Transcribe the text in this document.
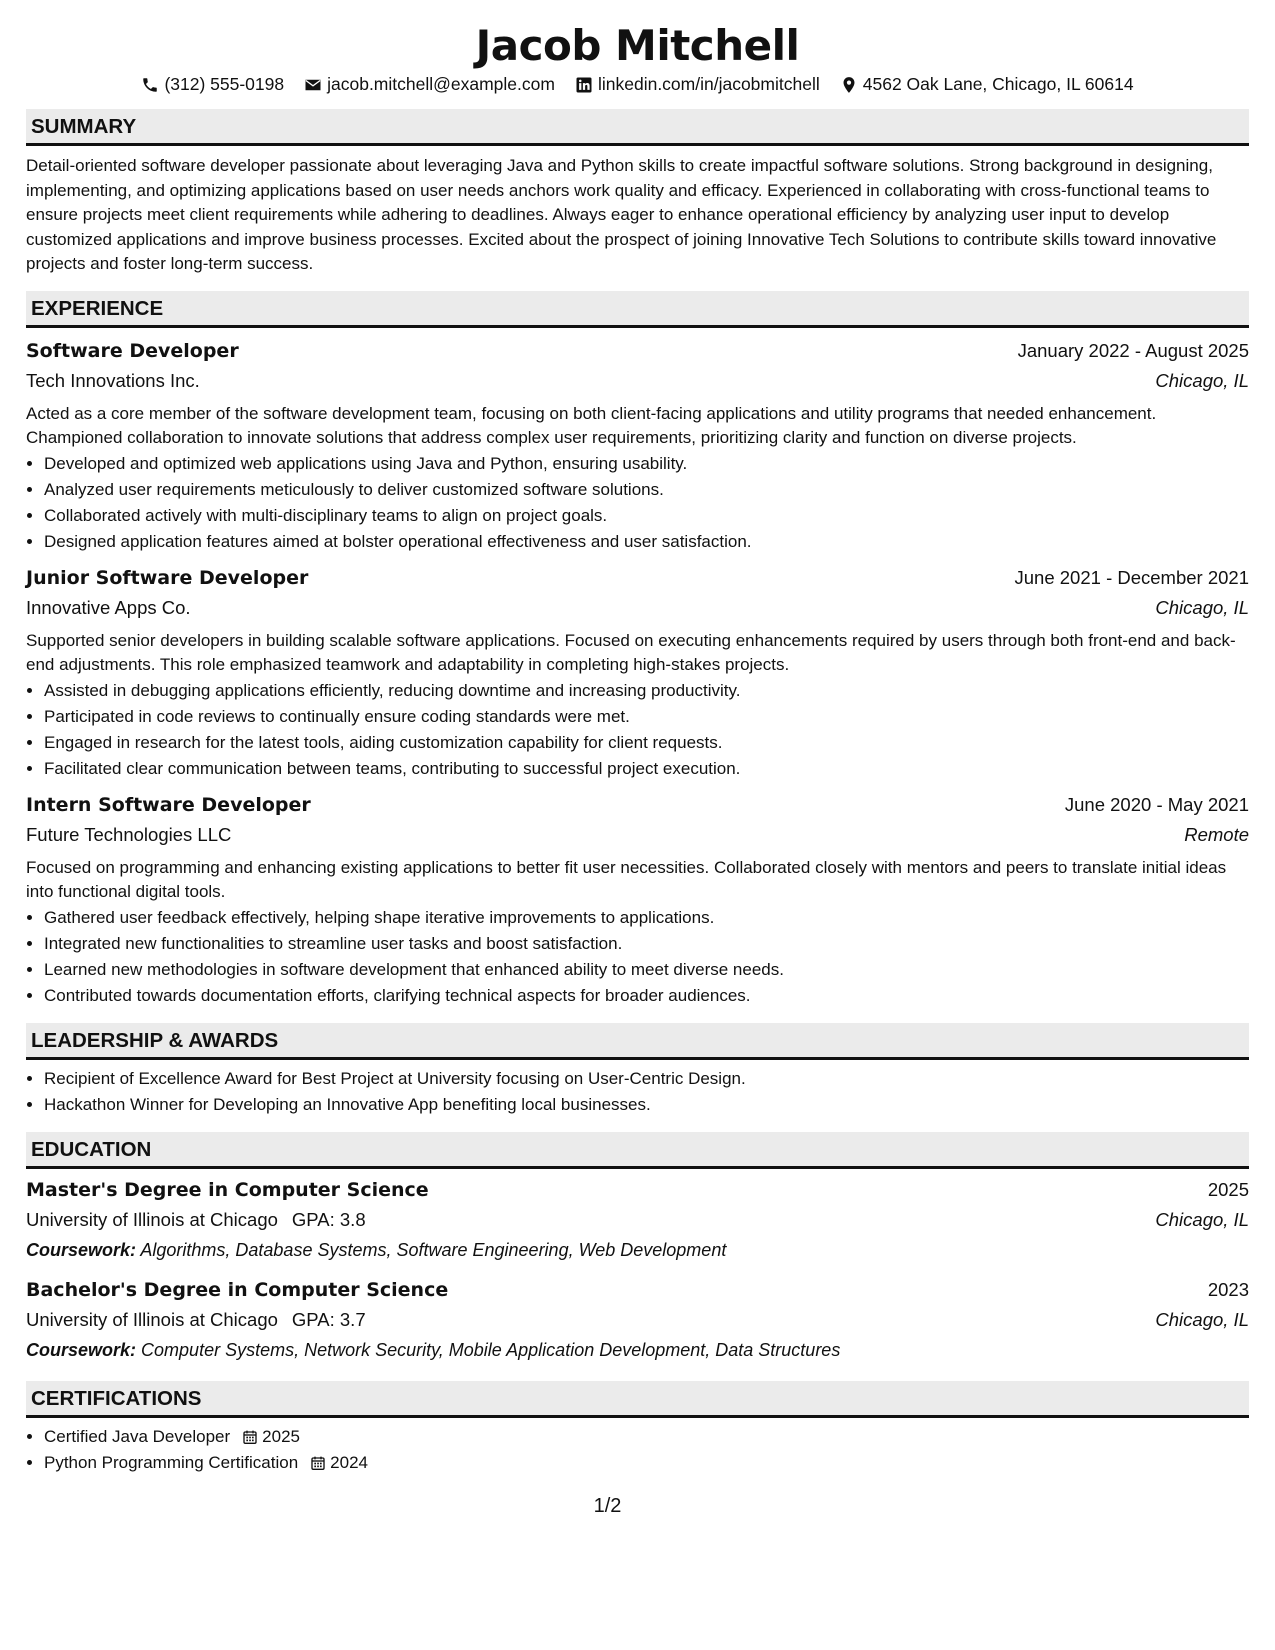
Jacob Mitchell
(312) 555-0198 jacob.mitchell@example.com linkedin.com/in/jacobmitchell 4562 Oak Lane, Chicago, IL 60614
SUMMARY

Detail-oriented software developer passionate about leveraging Java and Python skills to create impactful software solutions. Strong background in designing, implementing, and optimizing applications based on user needs anchors work quality and efficacy. Experienced in collaborating with cross-functional teams to ensure projects meet client requirements while adhering to deadlines. Always eager to enhance operational efficiency by analyzing user input to develop customized applications and improve business processes. Excited about the prospect of joining Innovative Tech Solutions to contribute skills toward innovative projects and foster long-term success.

EXPERIENCE
Software Developer	January 2022 - August 2025
Tech Innovations Inc.	Chicago, IL

Acted as a core member of the software development team, focusing on both client-facing applications and utility programs that needed enhancement. Championed collaboration to innovate solutions that address complex user requirements, prioritizing clarity and function on diverse projects.

• Developed and optimized web applications using Java and Python, ensuring usability.
• Analyzed user requirements meticulously to deliver customized software solutions.
• Collaborated actively with multi-disciplinary teams to align on project goals.
• Designed application features aimed at bolster operational effectiveness and user satisfaction.
Junior Software Developer	June 2021 - December 2021
Innovative Apps Co.	Chicago, IL

Supported senior developers in building scalable software applications. Focused on executing enhancements required by users through both front-end and back-end adjustments. This role emphasized teamwork and adaptability in completing high-stakes projects.

• Assisted in debugging applications efficiently, reducing downtime and increasing productivity.
• Participated in code reviews to continually ensure coding standards were met.
• Engaged in research for the latest tools, aiding customization capability for client requests.
• Facilitated clear communication between teams, contributing to successful project execution.
Intern Software Developer	June 2020 - May 2021
Future Technologies LLC	Remote

Focused on programming and enhancing existing applications to better fit user necessities. Collaborated closely with mentors and peers to translate initial ideas into functional digital tools.

• Gathered user feedback effectively, helping shape iterative improvements to applications.
• Integrated new functionalities to streamline user tasks and boost satisfaction.
• Learned new methodologies in software development that enhanced ability to meet diverse needs.
• Contributed towards documentation efforts, clarifying technical aspects for broader audiences.
LEADERSHIP & AWARDS
• Recipient of Excellence Award for Best Project at University focusing on User-Centric Design.
• Hackathon Winner for Developing an Innovative App benefiting local businesses.
EDUCATION
Master's Degree in Computer Science	2025
University of Illinois at Chicago GPA: 3.8	Chicago, IL
Coursework: Algorithms, Database Systems, Software Engineering, Web Development
Bachelor's Degree in Computer Science	2023
University of Illinois at Chicago GPA: 3.7	Chicago, IL
Coursework: Computer Systems, Network Security, Mobile Application Development, Data Structures
CERTIFICATIONS
• Certified Java Developer 2025
• Python Programming Certification 2024
1/2
